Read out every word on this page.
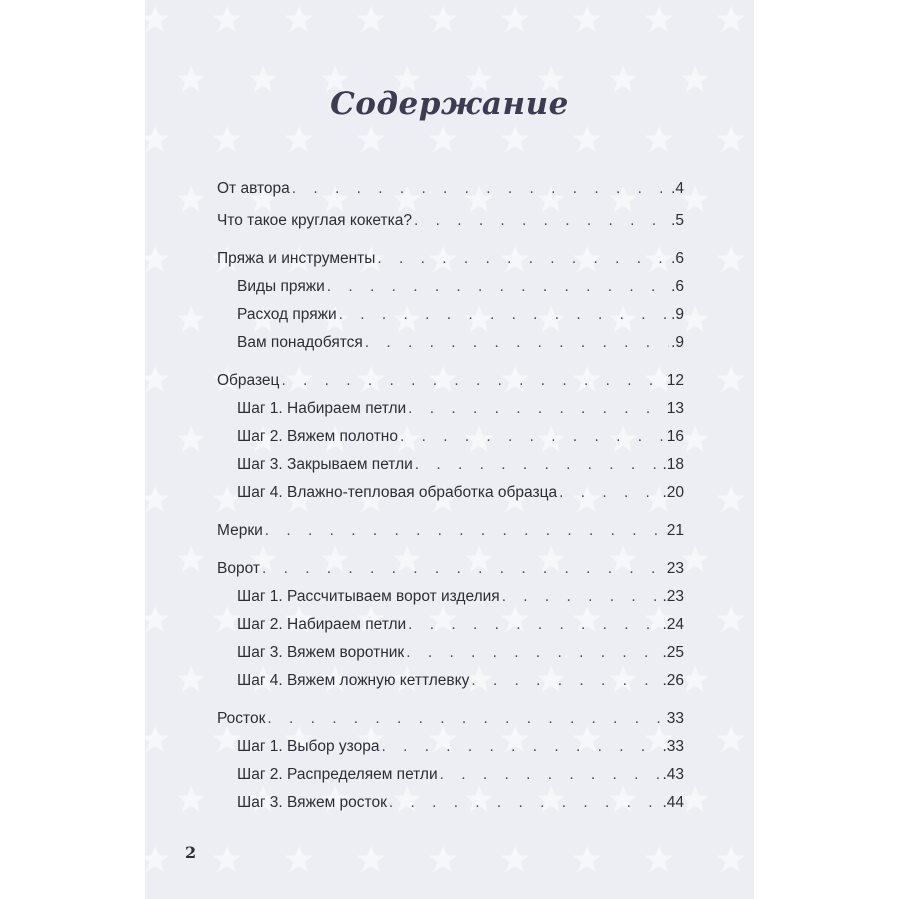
Содержание
От автора . . .	.4
Что такое круглая кокетка? . . .	.5
Пряжа и инструменты . . .	.6
Виды пряжи . . .	.6
Расход пряжи . . .	.9
Вам понадобятся . . .	.9
Образец . . .	12
Шаг 1. Набираем петли . . .	13
Шаг 2. Вяжем полотно . . .	16
Шаг 3. Закрываем петли . . .	.18
Шаг 4. Влажно-тепловая обработка образца . . .	.20
Мерки . . .	21
Ворот . . .	23
Шаг 1. Рассчитываем ворот изделия . . .	.23
Шаг 2. Набираем петли . . .	.24
Шаг 3. Вяжем воротник . . .	.25
Шаг 4. Вяжем ложную кеттлевку . . .	.26
Росток . . .	33
Шаг 1. Выбор узора . . .	.33
Шаг 2. Распределяем петли . . .	.43
Шаг 3. Вяжем росток . . .	.44
2
